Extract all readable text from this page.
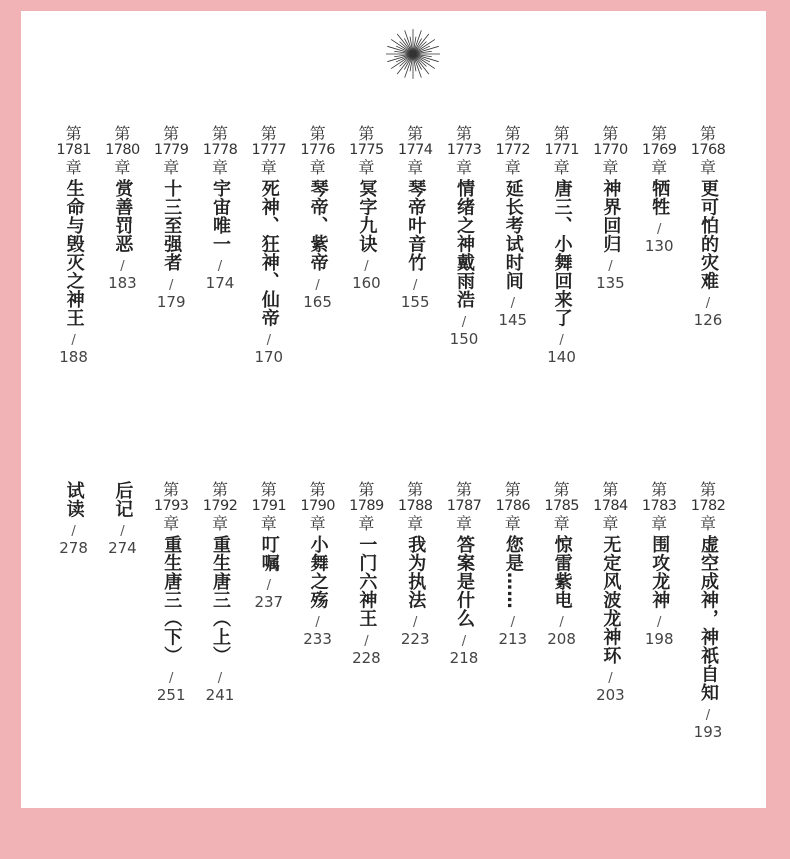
第
1768
章
更可怕的灾难
/
126
第
1769
章
牺牲
/
130
第
1770
章
神界回归
/
135
第
1771
章
唐三、小舞回来了
/
140
第
1772
章
延长考试时间
/
145
第
1773
章
情绪之神戴雨浩
/
150
第
1774
章
琴帝叶音竹
/
155
第
1775
章
冥字九诀
/
160
第
1776
章
琴帝、紫帝
/
165
第
1777
章
死神、狂神、仙帝
/
170
第
1778
章
宇宙唯一
/
174
第
1779
章
十三至强者
/
179
第
1780
章
赏善罚恶
/
183
第
1781
章
生命与毁灭之神王
/
188
第
1782
章
虚空成神，神祇自知
/
193
第
1783
章
围攻龙神
/
198
第
1784
章
无定风波龙神环
/
203
第
1785
章
惊雷紫电
/
208
第
1786
章
您是……
/
213
第
1787
章
答案是什么
/
218
第
1788
章
我为执法
/
223
第
1789
章
一门六神王
/
228
第
1790
章
小舞之殇
/
233
第
1791
章
叮嘱
/
237
第
1792
章
重生唐三（上）
/
241
第
1793
章
重生唐三（下）
/
251
后记
/
274
试读
/
278
